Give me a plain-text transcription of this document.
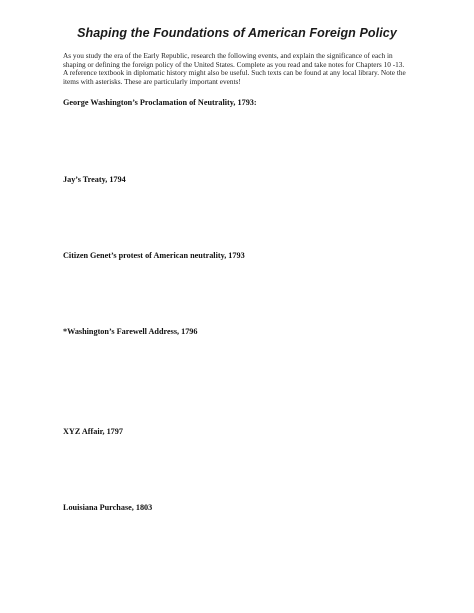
Shaping the Foundations of American Foreign Policy

As you study the era of the Early Republic, research the following events, and explain the significance of each in

shaping or defining the foreign policy of the United States. Complete as you read and take notes for Chapters 10 -13.

A reference textbook in diplomatic history might also be useful. Such texts can be found at any local library. Note the

items with asterisks. These are particularly important events!

George Washington’s Proclamation of Neutrality, 1793:
Jay’s Treaty, 1794
Citizen Genet’s protest of American neutrality, 1793
*Washington’s Farewell Address, 1796
XYZ Affair, 1797
Louisiana Purchase, 1803
